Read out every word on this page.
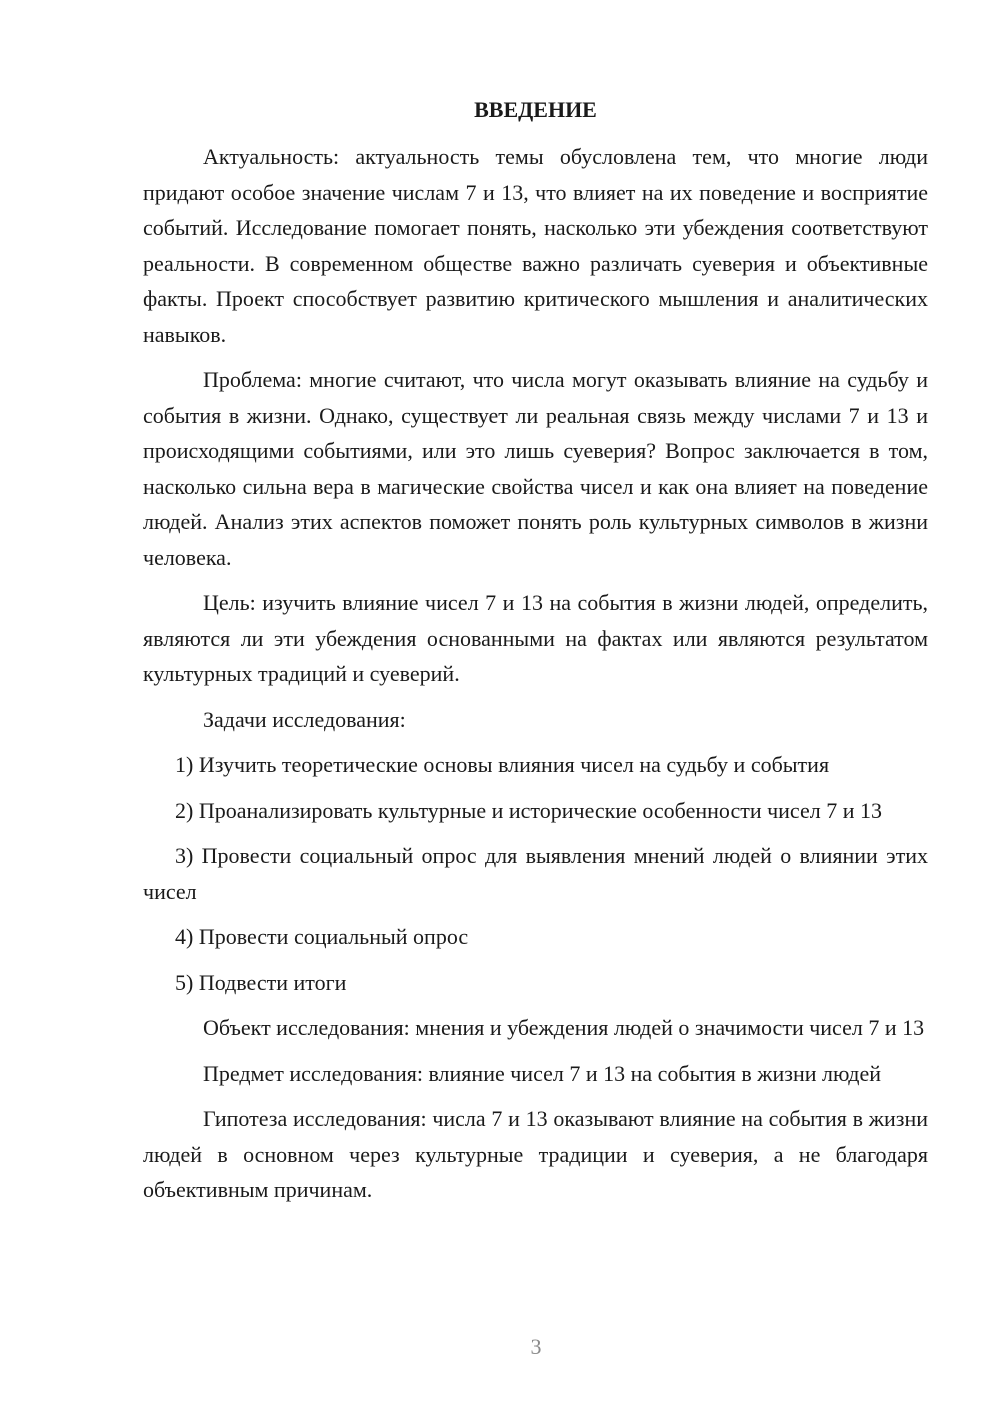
ВВЕДЕНИЕ

Актуальность: актуальность темы обусловлена тем, что многие люди придают особое значение числам 7 и 13, что влияет на их поведение и восприятие событий. Исследование помогает понять, насколько эти убеждения соответствуют реальности. В современном обществе важно различать суеверия и объективные факты. Проект способствует развитию критического мышления и аналитических навыков.

Проблема: многие считают, что числа могут оказывать влияние на судьбу и события в жизни. Однако, существует ли реальная связь между числами 7 и 13 и происходящими событиями, или это лишь суеверия? Вопрос заключается в том, насколько сильна вера в магические свойства чисел и как она влияет на поведение людей. Анализ этих аспектов поможет понять роль культурных символов в жизни человека.

Цель: изучить влияние чисел 7 и 13 на события в жизни людей, определить, являются ли эти убеждения основанными на фактах или являются результатом культурных традиций и суеверий.

Задачи исследования:

1) Изучить теоретические основы влияния чисел на судьбу и события

2) Проанализировать культурные и исторические особенности чисел 7 и 13

3) Провести социальный опрос для выявления мнений людей о влиянии этих чисел

4) Провести социальный опрос

5) Подвести итоги

Объект исследования: мнения и убеждения людей о значимости чисел 7 и 13

Предмет исследования: влияние чисел 7 и 13 на события в жизни людей

Гипотеза исследования: числа 7 и 13 оказывают влияние на события в жизни людей в основном через культурные традиции и суеверия, а не благодаря объективным причинам.

3
